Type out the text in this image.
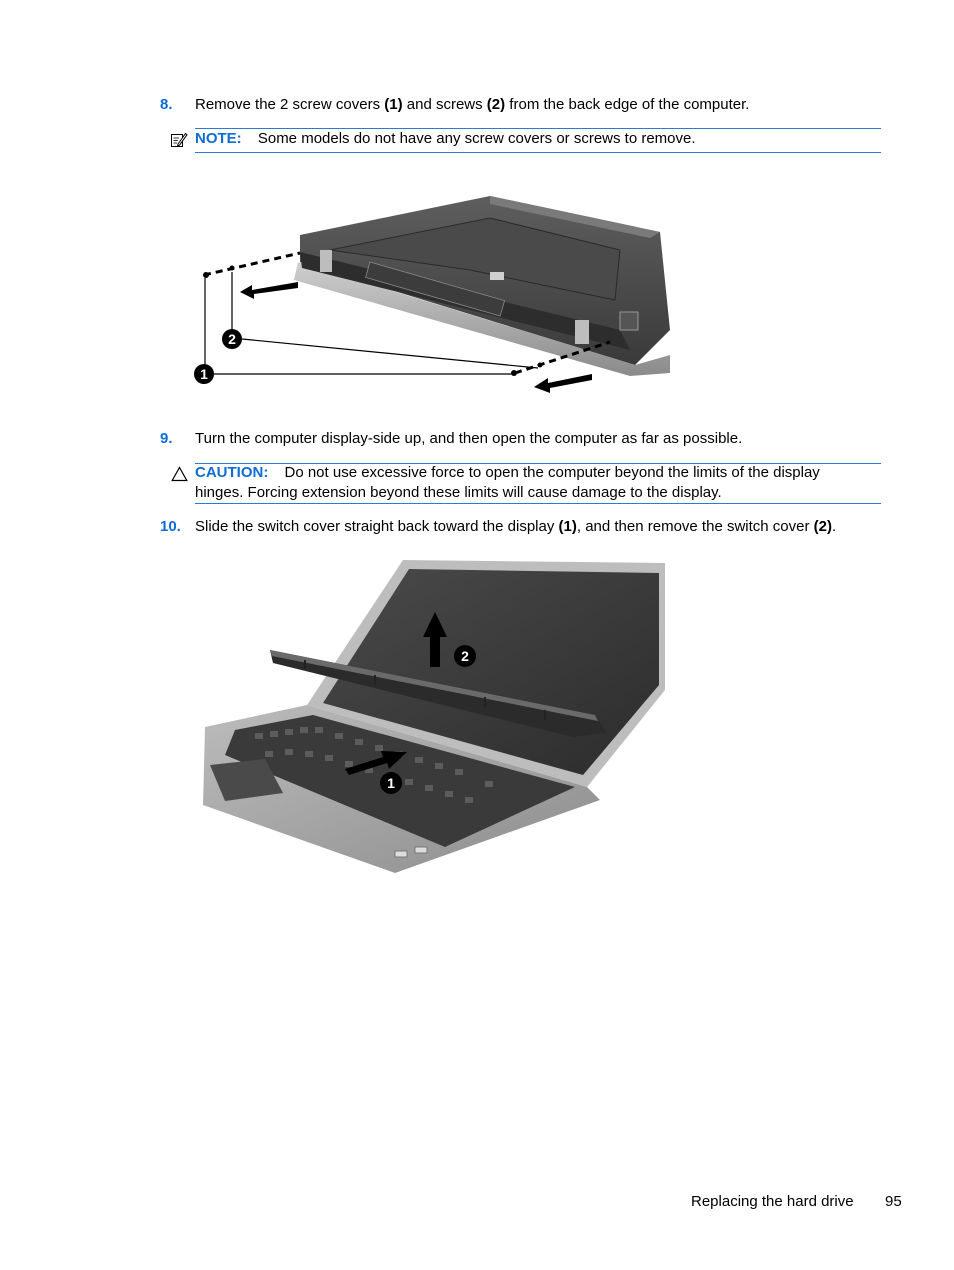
8. Remove the 2 screw covers (1) and screws (2) from the back edge of the computer.
NOTE: Some models do not have any screw covers or screws to remove.
2
1
9. Turn the computer display-side up, and then open the computer as far as possible.
CAUTION: Do not use excessive force to open the computer beyond the limits of the display
hinges. Forcing extension beyond these limits will cause damage to the display.
10. Slide the switch cover straight back toward the display (1), and then remove the switch cover (2).
2
1
Replacing the hard drive 95
